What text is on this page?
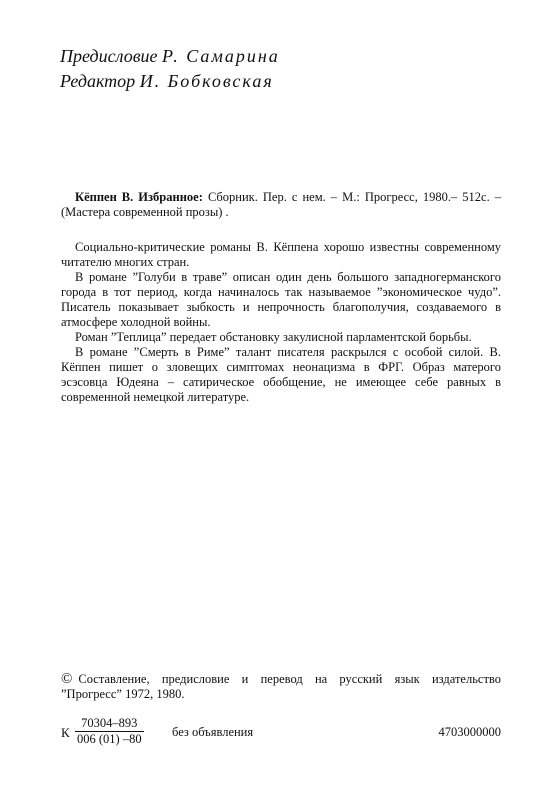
Предисловие Р. Самарина
Редактор И. Бобковская

Кёппен В. Избранное: Сборник. Пер. с нем. – М.: Прогресс, 1980.– 512с. – (Мастера современной прозы) .

Социально-критические романы В. Кёппена хорошо известны современному читателю многих стран.

В романе ”Голуби в траве” описан один день большого западногерманского города в тот период, когда начиналось так называемое ”экономическое чудо”. Писатель показывает зыбкость и непрочность благополучия, создаваемого в атмосфере холодной войны.

Роман ”Теплица” передает обстановку закулисной парламентской борьбы.

В романе ”Смерть в Риме” талант писателя раскрылся с особой силой. В. Кёппен пишет о зловещих симптомах неонацизма в ФРГ. Образ матерого эсэсовца Юдеяна – сатирическое обобщение, не имеющее себе равных в современной немецкой литературе.

© Составление, предисловие и перевод на русский язык издательство ”Прогресс” 1972, 1980.
К $\frac{70304-893}{006 (01) -80}$ без объявления	4703000000
